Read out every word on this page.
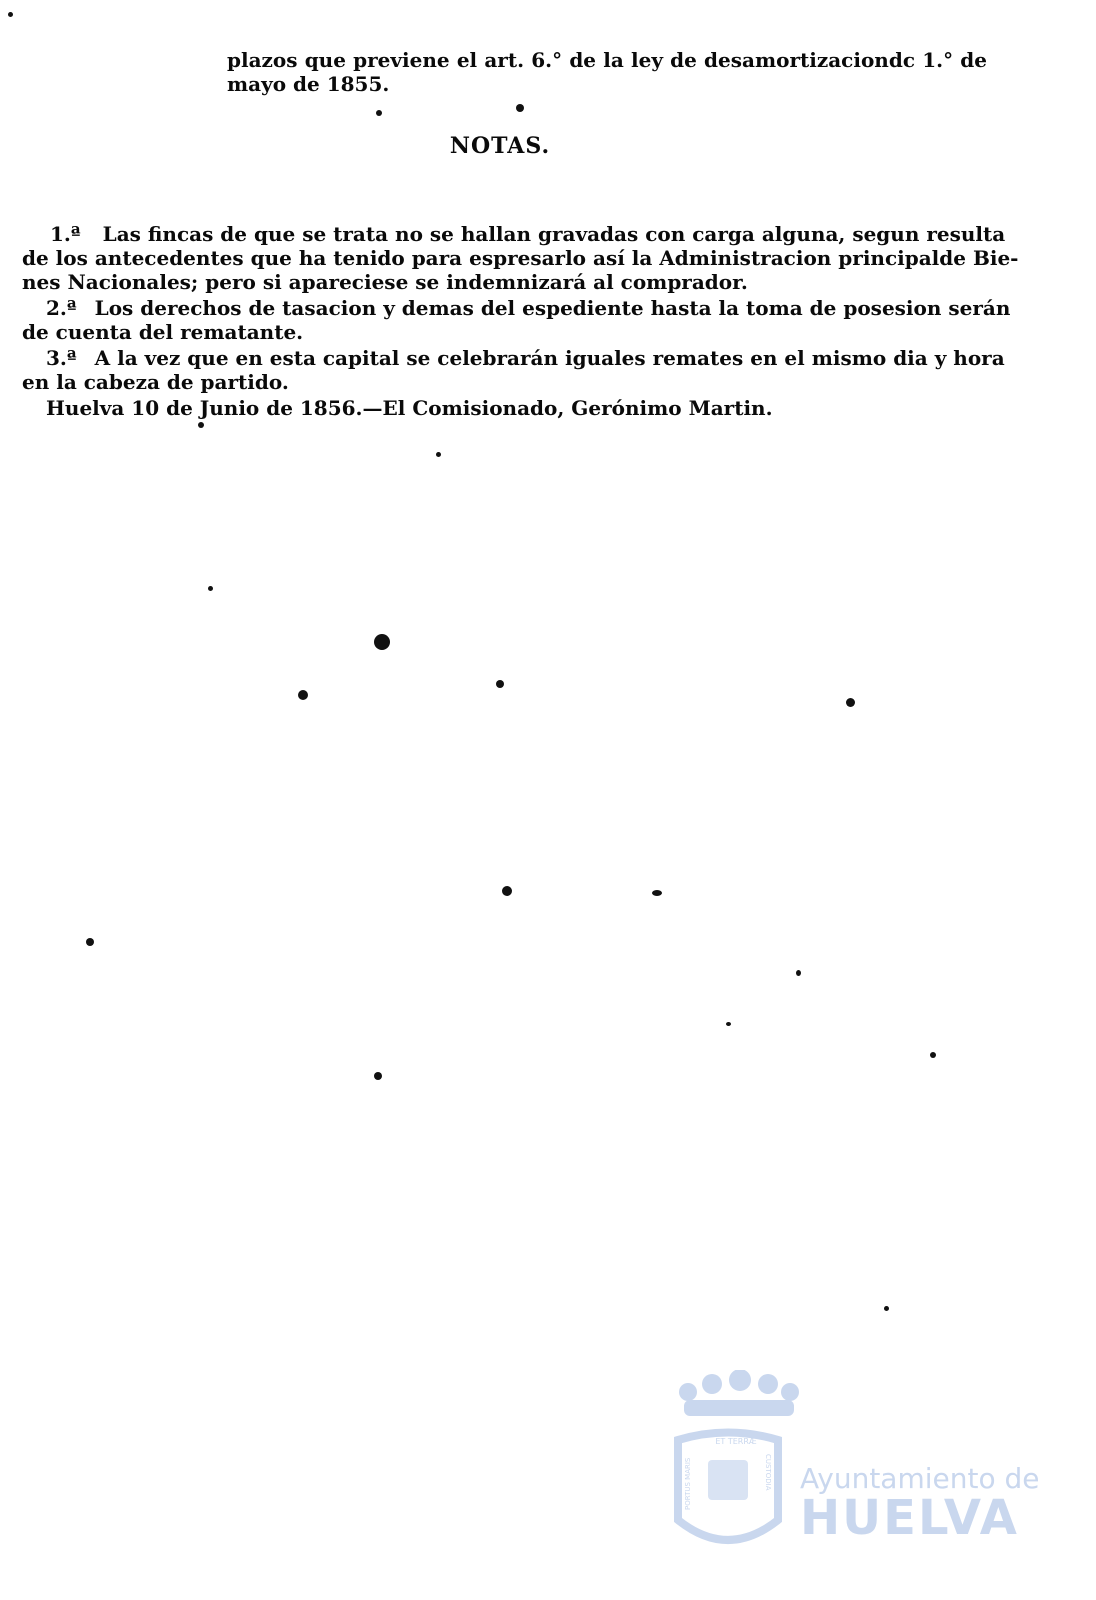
plazos que previene el art. 6.° de la ley de desamortizaciondc 1.° de
mayo de 1855.
NOTAS.
1.ª Las fincas de que se trata no se hallan gravadas con carga alguna, segun resulta
de los antecedentes que ha tenido para espresarlo así la Administracion principalde Bie-
nes Nacionales; pero si apareciese se indemnizará al comprador.
2.ª Los derechos de tasacion y demas del espediente hasta la toma de posesion serán
de cuenta del rematante.
3.ª A la vez que en esta capital se celebrarán iguales remates en el mismo dia y hora
en la cabeza de partido.
Huelva 10 de Junio de 1856.—El Comisionado, Gerónimo Martin.
ET TERRÆ
PORTUS MARIS	CUSTODIA Ayuntamiento de
HUELVA
